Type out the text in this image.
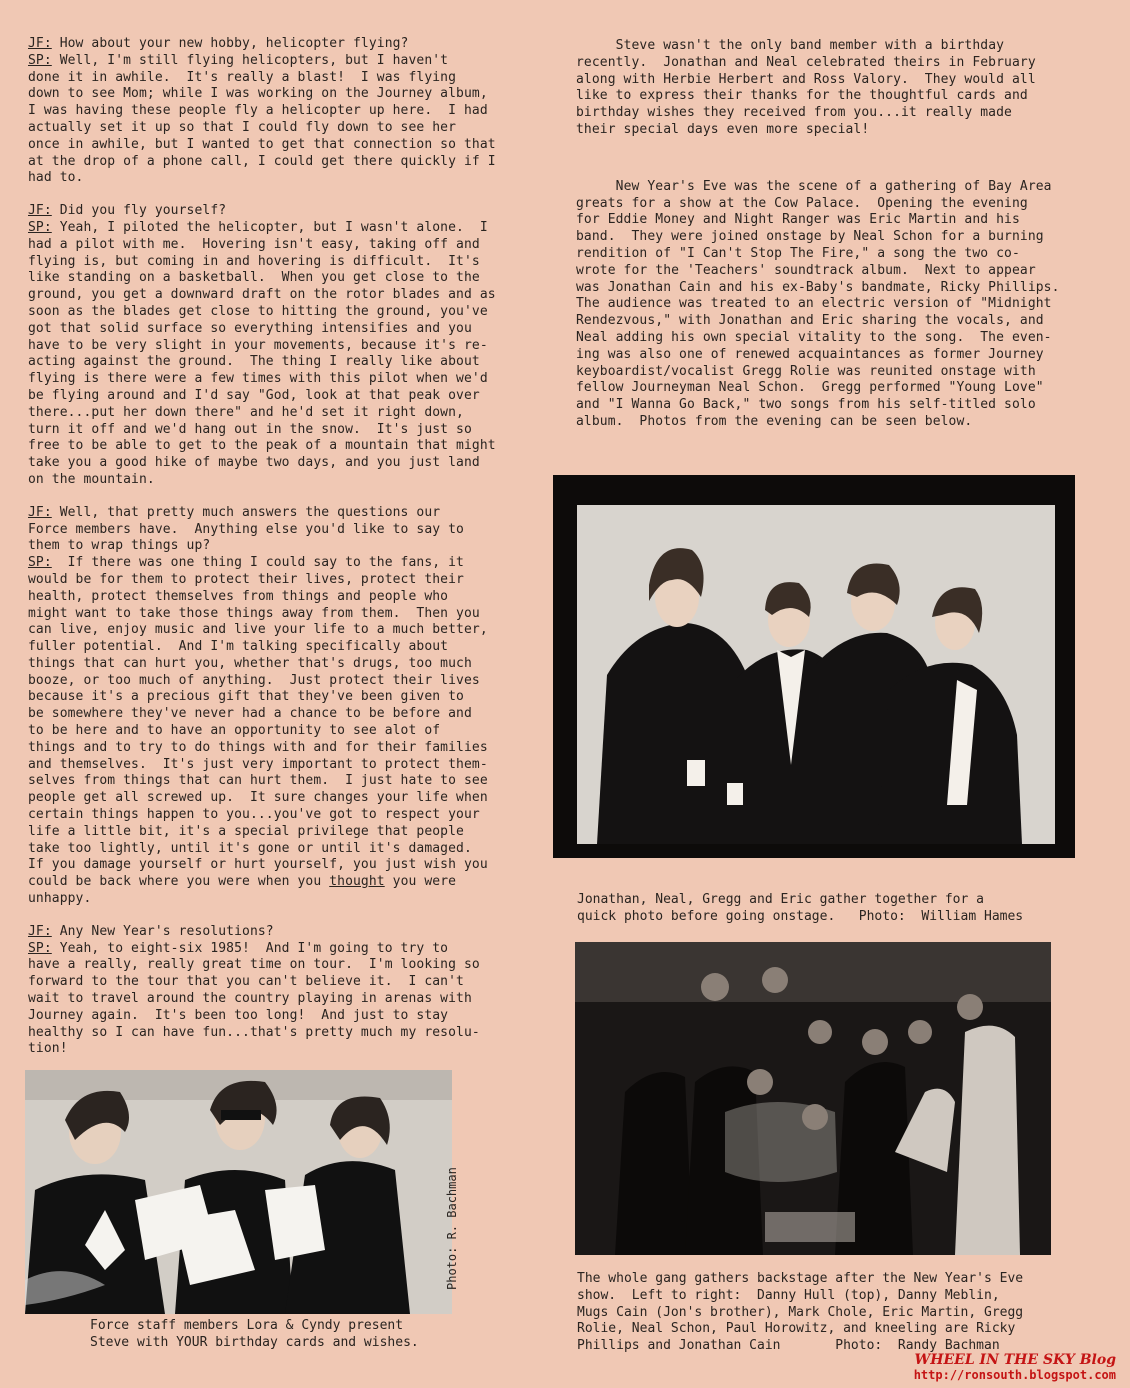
JF: How about your new hobby, helicopter flying?
SP: Well, I'm still flying helicopters, but I haven't
done it in awhile.  It's really a blast!  I was flying
down to see Mom; while I was working on the Journey album,
I was having these people fly a helicopter up here.  I had
actually set it up so that I could fly down to see her
once in awhile, but I wanted to get that connection so that
at the drop of a phone call, I could get there quickly if I
had to.
JF: Did you fly yourself?
SP: Yeah, I piloted the helicopter, but I wasn't alone.  I
had a pilot with me.  Hovering isn't easy, taking off and
flying is, but coming in and hovering is difficult.  It's
like standing on a basketball.  When you get close to the
ground, you get a downward draft on the rotor blades and as
soon as the blades get close to hitting the ground, you've
got that solid surface so everything intensifies and you
have to be very slight in your movements, because it's re-
acting against the ground.  The thing I really like about
flying is there were a few times with this pilot when we'd
be flying around and I'd say "God, look at that peak over
there...put her down there" and he'd set it right down,
turn it off and we'd hang out in the snow.  It's just so
free to be able to get to the peak of a mountain that might
take you a good hike of maybe two days, and you just land
on the mountain.
JF: Well, that pretty much answers the questions our
Force members have.  Anything else you'd like to say to
them to wrap things up?
SP:  If there was one thing I could say to the fans, it
would be for them to protect their lives, protect their
health, protect themselves from things and people who
might want to take those things away from them.  Then you
can live, enjoy music and live your life to a much better,
fuller potential.  And I'm talking specifically about
things that can hurt you, whether that's drugs, too much
booze, or too much of anything.  Just protect their lives
because it's a precious gift that they've been given to
be somewhere they've never had a chance to be before and
to be here and to have an opportunity to see alot of
things and to try to do things with and for their families
and themselves.  It's just very important to protect them-
selves from things that can hurt them.  I just hate to see
people get all screwed up.  It sure changes your life when
certain things happen to you...you've got to respect your
life a little bit, it's a special privilege that people
take too lightly, until it's gone or until it's damaged.
If you damage yourself or hurt yourself, you just wish you
could be back where you were when you thought you were
unhappy.
JF: Any New Year's resolutions?
SP: Yeah, to eight-six 1985!  And I'm going to try to
have a really, really great time on tour.  I'm looking so
forward to the tour that you can't believe it.  I can't
wait to travel around the country playing in arenas with
Journey again.  It's been too long!  And just to stay
healthy so I can have fun...that's pretty much my resolu-
tion!
Steve wasn't the only band member with a birthday
recently.  Jonathan and Neal celebrated theirs in February
along with Herbie Herbert and Ross Valory.  They would all
like to express their thanks for the thoughtful cards and
birthday wishes they received from you...it really made
their special days even more special!
New Year's Eve was the scene of a gathering of Bay Area
greats for a show at the Cow Palace.  Opening the evening
for Eddie Money and Night Ranger was Eric Martin and his
band.  They were joined onstage by Neal Schon for a burning
rendition of "I Can't Stop The Fire," a song the two co-
wrote for the 'Teachers' soundtrack album.  Next to appear
was Jonathan Cain and his ex-Baby's bandmate, Ricky Phillips.
The audience was treated to an electric version of "Midnight
Rendezvous," with Jonathan and Eric sharing the vocals, and
Neal adding his own special vitality to the song.  The even-
ing was also one of renewed acquaintances as former Journey
keyboardist/vocalist Gregg Rolie was reunited onstage with
fellow Journeyman Neal Schon.  Gregg performed "Young Love"
and "I Wanna Go Back," two songs from his self-titled solo
album.  Photos from the evening can be seen below.
Jonathan, Neal, Gregg and Eric gather together for a
quick photo before going onstage.   Photo:  William Hames
The whole gang gathers backstage after the New Year's Eve
show.  Left to right:  Danny Hull (top), Danny Meblin,
Mugs Cain (Jon's brother), Mark Chole, Eric Martin, Gregg
Rolie, Neal Schon, Paul Horowitz, and kneeling are Ricky
Phillips and Jonathan Cain       Photo:  Randy Bachman
Force staff members Lora & Cyndy present
Steve with YOUR birthday cards and wishes.
Photo: R. Bachman
WHEEL IN THE SKY Blog
http://ronsouth.blogspot.com
